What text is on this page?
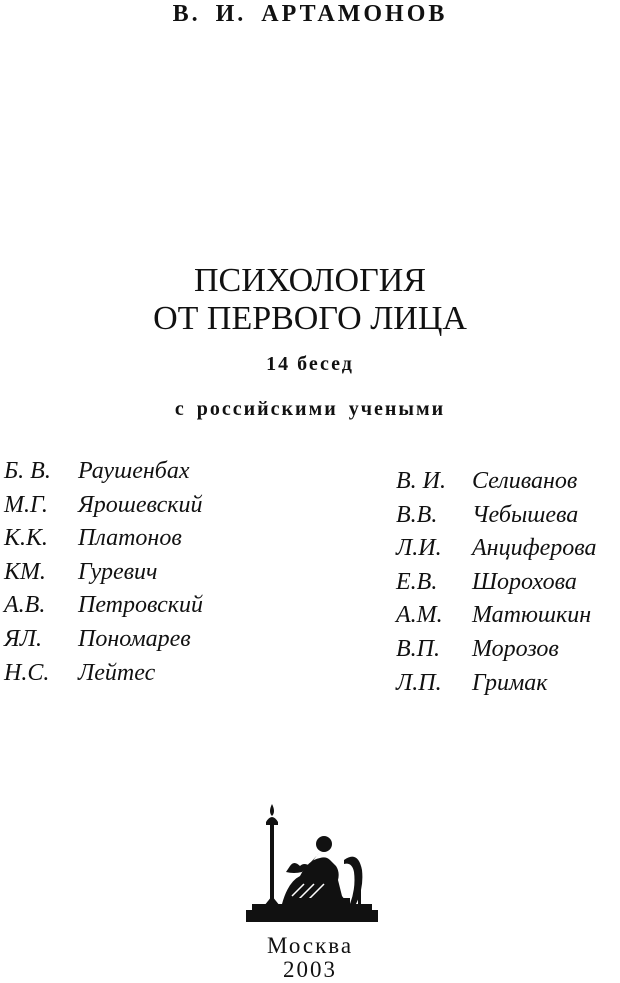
В. И. АРТАМОНОВ
ПСИХОЛОГИЯ
ОТ ПЕРВОГО ЛИЦА
14 бесед
с российскими учеными
Б. В. Раушенбах
М.Г. Ярошевский
К.К. Платонов
КМ. Гуревич
А.В. Петровский
ЯЛ. Пономарев
Н.С. Лейтес
В. И. Селиванов
В.В. Чебышева
Л.И. Анциферова
Е.В. Шорохова
А.М. Матюшкин
В.П. Морозов
Л.П. Гримак
Москва
2003
